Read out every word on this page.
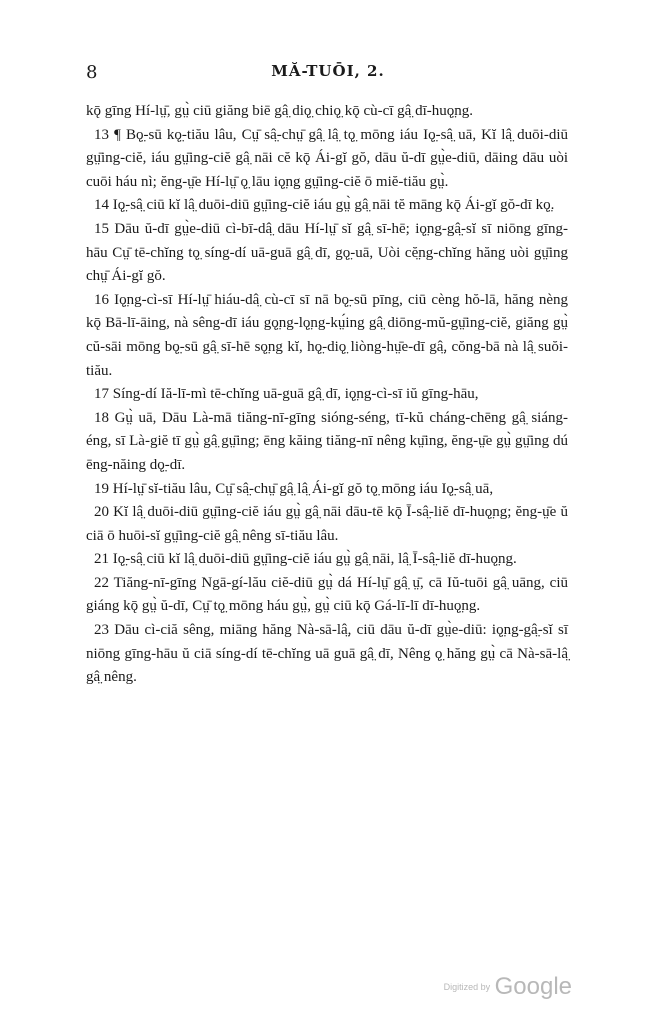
8	MĂ-TUŌI, 2.

kǭ gīng Hí-lṳ̄, gṳ̀ ciū giăng biē gâ̤ diǫ̤ chiǫ̤ kǭ cù-cī gâ̤ dī-huǫ̤ng.

13 ¶ Bǫ̤-sū kǫ̤-tiău lâu, Cṳ̄ sâ̤-chṳ̄ gâ̤ lâ̤ tǫ̤ mōng iáu Iǫ̤-sâ̤ uā, Kĭ lâ̤ duōi-diū gṳ̄ing-ciĕ, iáu gṳ̄ing-ciĕ gâ̤ nāi cĕ kǭ Ái-gĭ gŏ, dāu ŭ-dī gṳ̀e-diū, dāing dāu uòi cuōi háu nì; ĕng-ṳ̄e Hí-lṳ̄ ǫ̤ lāu iǫ̤ng gṳ̄ing-ciĕ ō miĕ-tiău gṳ̀.

14 Iǫ̤-sâ̤ ciū kĭ lâ̤ duōi-diū gṳ̄ing-ciĕ iáu gṳ̀ gâ̤ nāi tĕ māng kǭ Ái-gĭ gŏ-dī kǫ̤.

15 Dāu ŭ-dī gṳ̀e-diū cì-bī-dâ̤ dāu Hí-lṳ̄ sĭ gâ̤ sī-hē; iǫ̤ng-gâ̤-sĭ sī niōng gīng-hāu Cṳ̄ tē-chĭng tǫ̤ síng-dí uā-guā gâ̤ dī, gǫ̤-uā, Uòi cĕ̤ng-chĭng hăng uòi gṳ̄ing chṳ̄ Ái-gĭ gŏ.

16 Iǫ̤ng-cì-sī Hí-lṳ̄ hiáu-dâ̤ cù-cī sī nā bǫ̤-sū pīng, ciū cèng hŏ-lā, hăng nèng kǭ Bā-lī-āing, nà sêng-dī iáu gǫ̤ng-lǫ̤ng-kṳ́ing gâ̤ diōng-mŭ-gṳ̄ing-ciĕ, giăng gṳ̀ cŭ-sāi mōng bǫ̤-sū gâ̤ sī-hē sǫ̤ng kĭ, hǫ̤-diǫ̤ liòng-hṳ̄e-dī gâ̤, cŏng-bā nà lâ̤ suŏi-tiău.

17 Síng-dí Iă-lī-mì tē-chĭng uā-guā gâ̤ dī, iǫ̤ng-cì-sī iŭ gīng-hāu,

18 Gṳ̀ uā, Dāu Là-mā tiăng-nī-gīng sióng-séng, tī-kŭ cháng-chēng gâ̤ siáng-éng, sī Là-giĕ tī gṳ̀ gâ̤ gṳ̄ing; ēng kăing tiăng-nī nêng kṳ̄ing, ĕng-ṳ̄e gṳ̀ gṳ̄ing dú ēng-năing dǫ̤-dī.

19 Hí-lṳ̄ sĭ-tiău lâu, Cṳ̄ sâ̤-chṳ̄ gâ̤ lâ̤ Ái-gĭ gŏ tǫ̤ mōng iáu Iǫ̤-sâ̤ uā,

20 Kĭ lâ̤ duōi-diū gṳ̄ing-ciĕ iáu gṳ̀ gâ̤ nāi dāu-tē kǭ Ī-sâ̤-liĕ dī-huǫ̤ng; ĕng-ṳ̄e ŭ ciā ō huōi-sĭ gṳ̄ing-ciĕ gâ̤ nêng sī-tiău lâu.

21 Iǫ̤-sâ̤ ciū kĭ lâ̤ duōi-diū gṳ̄ing-ciĕ iáu gṳ̀ gâ̤ nāi, lâ̤ Ī-sâ̤-liĕ dī-huǫ̤ng.

22 Tiăng-nī-gīng Ngā-gí-lău ciĕ-diū gṳ̀ dá Hí-lṳ̄ gâ̤ ṳ̄, cā Iŭ-tuōi gâ̤ uāng, ciū giáng kǭ gṳ̀ ŭ-dī, Cṳ̄ tǫ̤ mōng háu gṳ̀, gṳ̀ ciū kǭ Gá-lī-lī dī-huǫ̤ng.

23 Dāu cì-ciă sêng, miāng hăng Nà-sā-lâ̤, ciū dāu ŭ-dī gṳ̀e-diū: iǫ̤ng-gâ̤-sĭ sī niōng gīng-hāu ŭ ciā síng-dí tē-chĭng uā guā gâ̤ dī, Nêng ǫ̤ hăng gṳ̀ cā Nà-sā-lâ̤ gâ̤ nêng.

Digitized by Google
